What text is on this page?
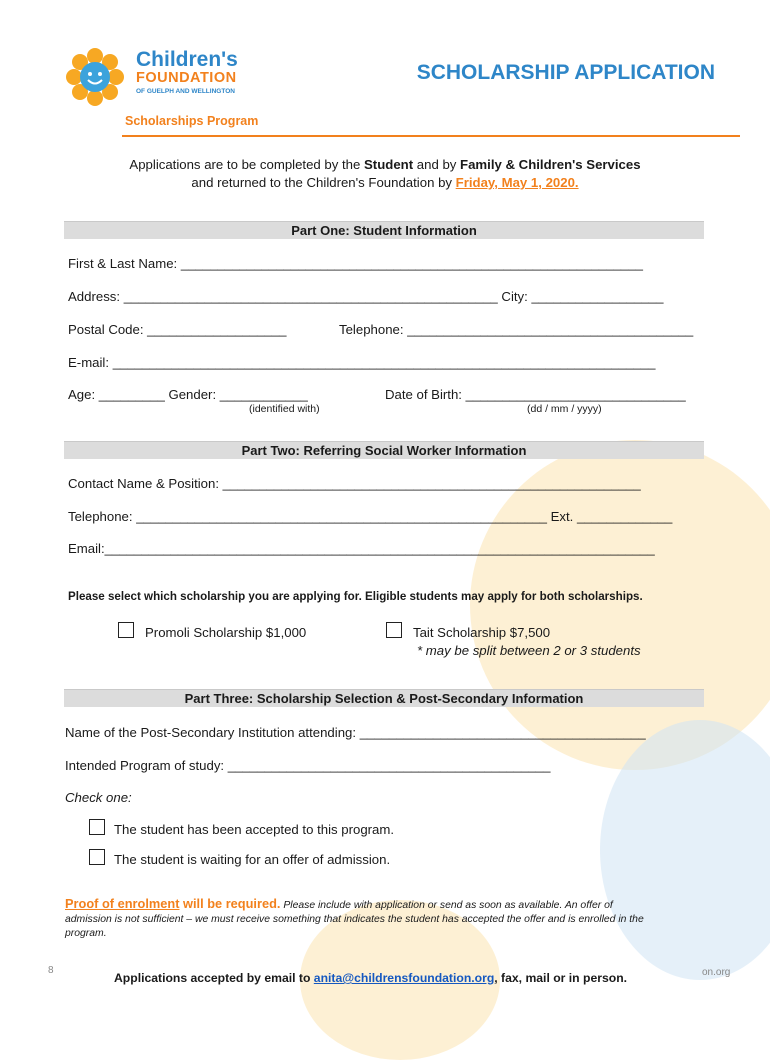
Children's
FOUNDATION
OF GUELPH AND WELLINGTON
Scholarships Program
SCHOLARSHIP APPLICATION
Applications are to be completed by the Student and by Family & Children's Services
and returned to the Children's Foundation by Friday, May 1, 2020.
Part One: Student Information
First & Last Name: _______________________________________________________________
Address: ___________________________________________________ City: __________________
Postal Code: ___________________	Telephone: _______________________________________
E-mail: __________________________________________________________________________
Age: _________ Gender: ____________	Date of Birth: ______________________________
(identified with)	(dd / mm / yyyy)
Part Two: Referring Social Worker Information
Contact Name & Position: _________________________________________________________
Telephone: ________________________________________________________ Ext. _____________
Email:___________________________________________________________________________
Please select which scholarship you are applying for. Eligible students may apply for both scholarships.
Promoli Scholarship $1,000	Tait Scholarship $7,500
* may be split between 2 or 3 students
Part Three: Scholarship Selection & Post-Secondary Information
Name of the Post-Secondary Institution attending: _______________________________________
Intended Program of study: ____________________________________________
Check one:
The student has been accepted to this program.
The student is waiting for an offer of admission.
Proof of enrolment will be required. Please include with application or send as soon as available. An offer of
admission is not sufficient – we must receive something that indicates the student has accepted the offer and is enrolled in the
program.
8	on.org
Applications accepted by email to anita@childrensfoundation.org, fax, mail or in person.
